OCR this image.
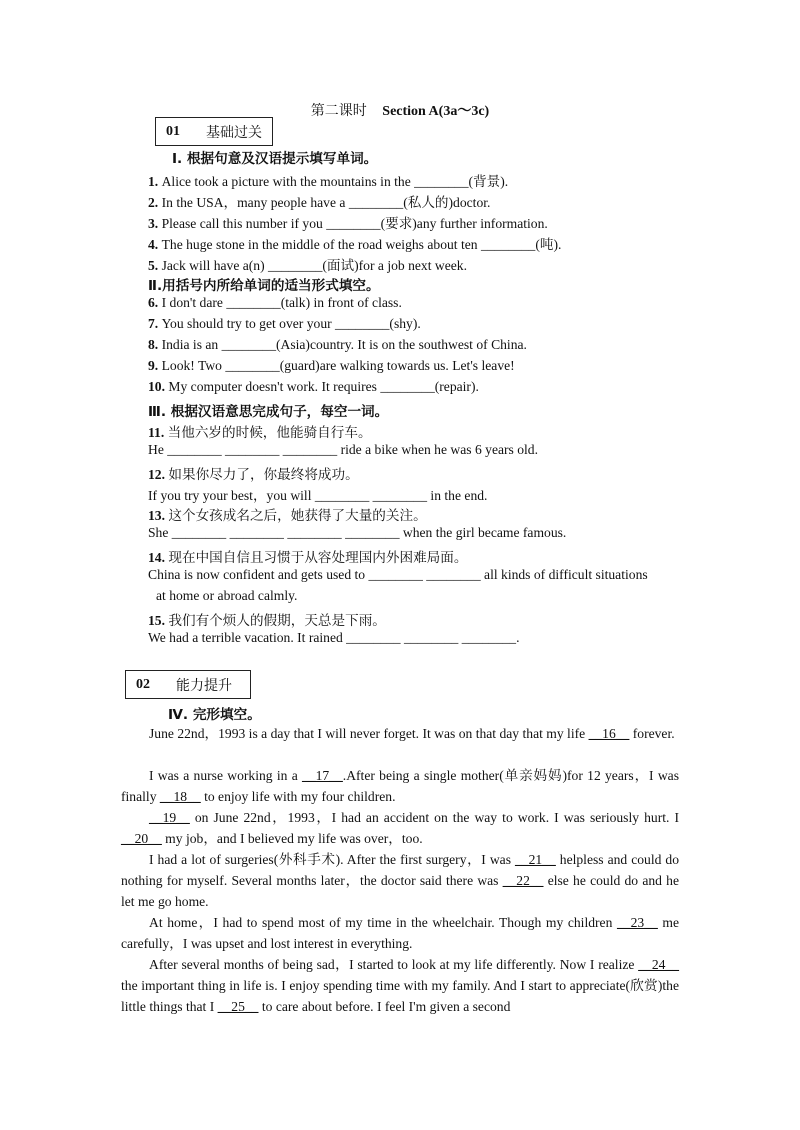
第二课时 Section A(3a～3c)
01	基础过关
Ⅰ. 根据句意及汉语提示填写单词。
1. Alice took a picture with the mountains in the ________(背景).
2. In the USA，many people have a ________(私人的)doctor.
3. Please call this number if you ________(要求)any further information.
4. The huge stone in the middle of the road weighs about ten ________(吨).
5. Jack will have a(n) ________(面试)for a job next week.
Ⅱ.用括号内所给单词的适当形式填空。
6. I don't dare ________(talk) in front of class.
7. You should try to get over your ________(shy).
8. India is an ________(Asia)country. It is on the southwest of China.
9. Look! Two ________(guard)are walking towards us. Let's leave!
10. My computer doesn't work. It requires ________(repair).
Ⅲ. 根据汉语意思完成句子，每空一词。
11. 当他六岁的时候，他能骑自行车。
He ________ ________ ________ ride a bike when he was 6 years old.
12. 如果你尽力了，你最终将成功。
If you try your best，you will ________ ________ in the end.
13. 这个女孩成名之后，她获得了大量的关注。
She ________ ________ ________ ________ when the girl became famous.
14. 现在中国自信且习惯于从容处理国内外困难局面。
China is now confident and gets used to ________ ________ all kinds of difficult situations
at home or abroad calmly.
15. 我们有个烦人的假期，天总是下雨。
We had a terrible vacation. It rained ________ ________ ________.
02	能力提升
Ⅳ. 完形填空。
June 22nd，1993 is a day that I will never forget. It was on that day that my life __16__ forever.
I was a nurse working in a __17__.After being a single mother(单亲妈妈)for 12 years，I was finally __18__ to enjoy life with my four children.
__19__ on June 22nd，1993，I had an accident on the way to work. I was seriously hurt. I __20__ my job，and I believed my life was over，too.
I had a lot of surgeries(外科手术). After the first surgery，I was __21__ helpless and could do nothing for myself. Several months later，the doctor said there was __22__ else he could do and he let me go home.
At home，I had to spend most of my time in the wheelchair. Though my children __23__ me carefully，I was upset and lost interest in everything.
After several months of being sad，I started to look at my life differently. Now I realize __24__ the important thing in life is. I enjoy spending time with my family. And I start to appreciate(欣赏)the little things that I __25__ to care about before. I feel I'm given a second
